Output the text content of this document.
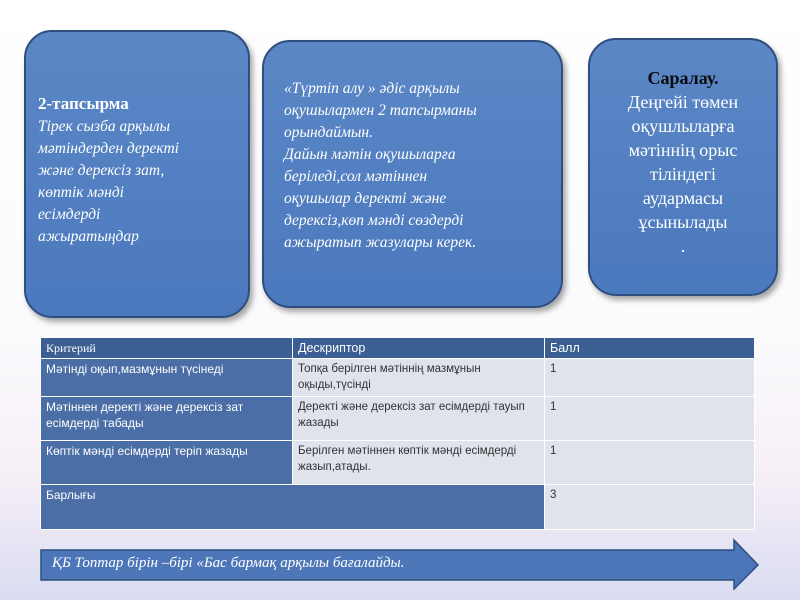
2-тапсырма
Тірек сызба арқылы
мәтіндерден деректі
және дерексіз зат,
көптік мәнді
есімдерді
ажыратыңдар
«Түртіп алу » әдіс арқылы
оқушылармен 2 тапсырманы
орындаймын.
Дайын мәтін оқушыларға
беріледі,сол мәтіннен
оқушылар деректі және
дерексіз,көп мәнді сөздерді
ажыратып жазулары керек.
Саралау.
Деңгейі төмен
оқушлыларға
мәтіннің орыс
тіліндегі
аудармасы
ұсынылады
.
Критерий	Дескриптор	Балл
Мәтінді оқып,мазмұнын түсінеді	Топқа берілген мәтіннің мазмұнын оқыды,түсінді	1
Мәтіннен деректі және дерексіз зат есімдерді табады	Деректі және дерексіз зат есімдерді тауып жазады	1
Көптік мәнді есімдерді теріп жазады	Берілген мәтіннен көптік мәнді есімдерді жазып,атады.	1
Барлығы		3
ҚБ Топтар бірін –бірі «Бас бармақ арқылы бағалайды.
